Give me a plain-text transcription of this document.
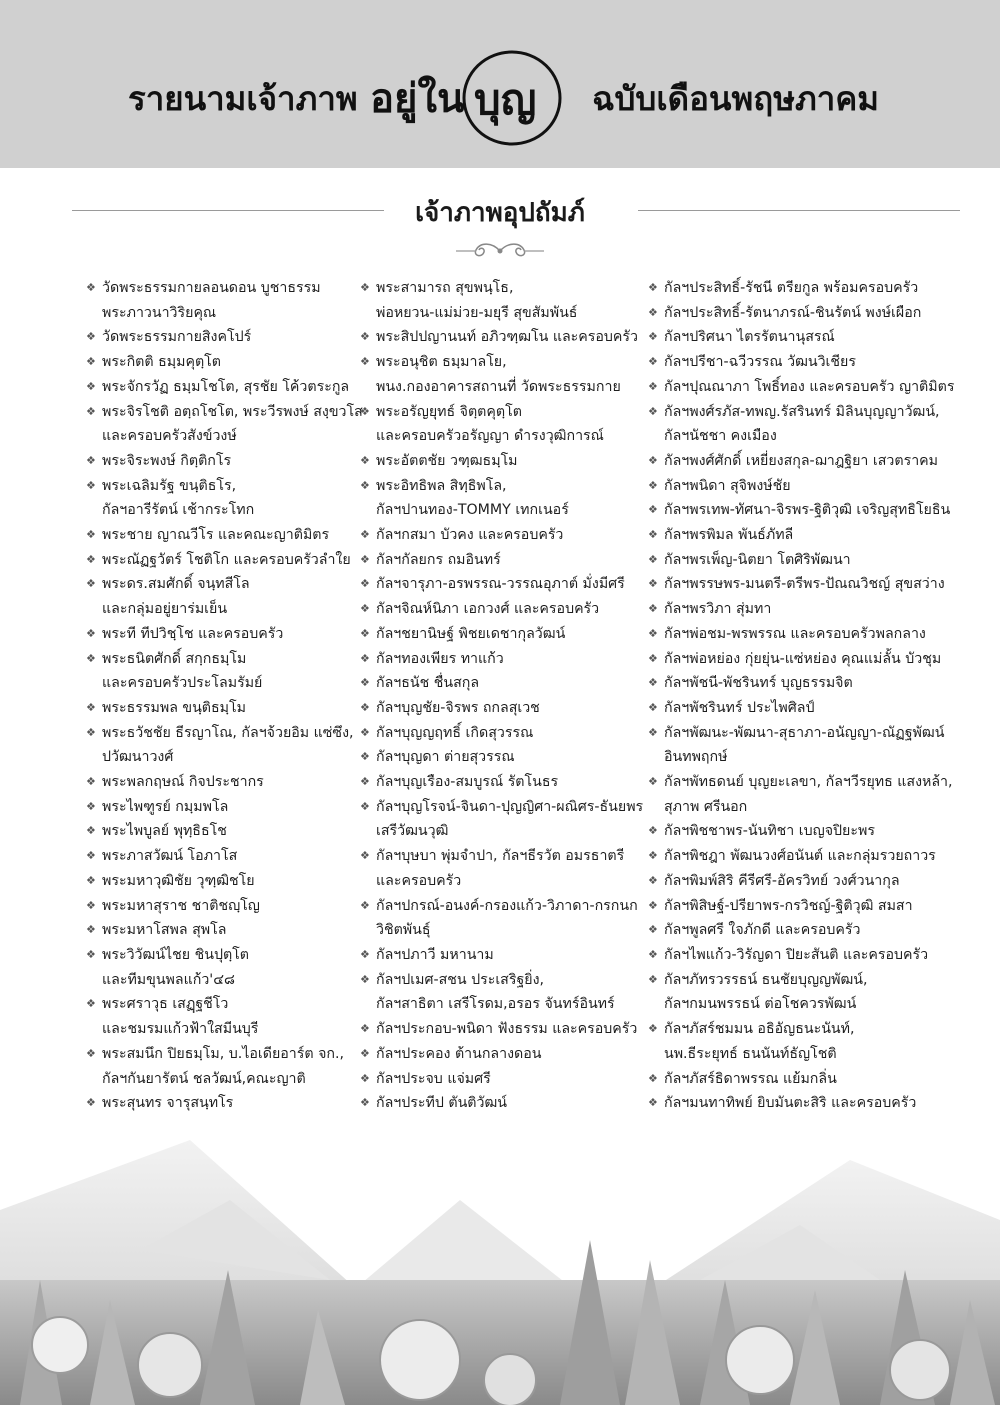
รายนามเจ้าภาพ อยู่ใน บุญ ฉบับเดือนพฤษภาคม
เจ้าภาพอุปถัมภ์
❖ วัดพระธรรมกายลอนดอน บูชาธรรม
พระภาวนาวิริยคุณ
❖ วัดพระธรรมกายสิงคโปร์
❖ พระกิตติ ธมฺมคุตฺโต
❖ พระจักรวัฏ ธมฺมโชโต, สุรชัย โค้วตระกูล
❖ พระจิรโชติ อตฺถโชโต, พระวีรพงษ์ สงฺขวโส
และครอบครัวสังข์วงษ์
❖ พระจิระพงษ์ กิตฺติกโร
❖ พระเฉลิมรัฐ ขนฺติธโร,
กัลฯอารีรัตน์ เช้ากระโทก
❖ พระชาย ญาณวีโร และคณะญาติมิตร
❖ พระณัฏฐวัตร์ โชติโก และครอบครัวลำใย
❖ พระดร.สมศักดิ์ จนฺทสีโล
และกลุ่มอยู่ยาร่มเย็น
❖ พระที ทีปวิชฺโช และครอบครัว
❖ พระธนิตศักดิ์ สกฺกธมฺโม
และครอบครัวประโลมรัมย์
❖ พระธรรมพล ขนฺติธมฺโม
❖ พระธวัชชัย ธีรญาโณ, กัลฯจ้วยอิม แซ่ซึง,
ปวัฒนาวงศ์
❖ พระพลกฤษณ์ กิจประชากร
❖ พระไพฑูรย์ กมฺมพโล
❖ พระไพบูลย์ พุทฺธิธโช
❖ พระภาสวัฒน์ โอภาโส
❖ พระมหาวุฒิชัย วุฑฺฒิชโย
❖ พระมหาสุราช ชาติชญฺโญ
❖ พระมหาโสพล สุพโล
❖ พระวิวัฒน์ไชย ชินปุตฺโต
และทีมขุนพลแก้ว'๔๘
❖ พระศราวุธ เสฏฺฐชีโว
และชมรมแก้วฟ้าใสมีนบุรี
❖ พระสมนึก ปิยธมฺโม, บ.ไอเดียอาร์ต จก.,
กัลฯกันยารัตน์ ชลวัฒน์,คณะญาติ
❖ พระสุนทร จารุสนฺทโร
❖ พระสามารถ สุขพนฺโธ,
พ่อหยวน-แม่ม่วย-มยุรี สุขสัมพันธ์
❖ พระสิปปญานนท์ อภิวฑฺฒโน และครอบครัว
❖ พระอนุชิต ธมฺมาลโย,
พนง.กองอาคารสถานที่ วัดพระธรรมกาย
❖ พระอรัญยุทธ์ จิตฺตคุตฺโต
และครอบครัวอรัญญา ดำรงวุฒิการณ์
❖ พระอัตตชัย วฑฺฒธมฺโม
❖ พระอิทธิพล สิทฺธิพโล,
กัลฯปานทอง-TOMMY เทกเนอร์
❖ กัลฯกสมา บัวคง และครอบครัว
❖ กัลฯกัลยกร ถมอินทร์
❖ กัลฯจารุภา-อรพรรณ-วรรณอุภาต์ มั่งมีศรี
❖ กัลฯจิณห์นิภา เอกวงศ์ และครอบครัว
❖ กัลฯชยานิษฐ์ พิชยเดชากุลวัฒน์
❖ กัลฯทองเพียร ทาแก้ว
❖ กัลฯธนัช ชื่นสกุล
❖ กัลฯบุญชัย-จิรพร ถกลสุเวช
❖ กัลฯบุญญฤทธิ์ เกิดสุวรรณ
❖ กัลฯบุญดา ต่ายสุวรรณ
❖ กัลฯบุญเรือง-สมบูรณ์ รัตโนธร
❖ กัลฯบุญโรจน์-จินดา-ปุญญิศา-ผณิศร-ธันยพร
เสรีวัฒนวุฒิ
❖ กัลฯบุษบา พุ่มจำปา, กัลฯธีรวัต อมรธาตรี
และครอบครัว
❖ กัลฯปกรณ์-อนงค์-กรองแก้ว-วิภาดา-กรกนก
วิชิตพันธุ์
❖ กัลฯปภาวี มหานาม
❖ กัลฯปเมศ-สชน ประเสริฐยิ่ง,
กัลฯสาธิตา เสรีโรดม,อรอร จันทร์อินทร์
❖ กัลฯประกอบ-พนิดา ฟังธรรม และครอบครัว
❖ กัลฯประคอง ต้านกลางดอน
❖ กัลฯประจบ แจ่มศรี
❖ กัลฯประทีป ตันติวัฒน์
❖ กัลฯประสิทธิ์-รัชนี ตรียกูล พร้อมครอบครัว
❖ กัลฯประสิทธิ์-รัตนาภรณ์-ชินรัตน์ พงษ์เผือก
❖ กัลฯปริศนา ไตรรัตนานุสรณ์
❖ กัลฯปรีชา-ฉวีวรรณ วัฒนวิเชียร
❖ กัลฯปุณณาภา โพธิ์ทอง และครอบครัว ญาติมิตร
❖ กัลฯพงศ์รภัส-ทพญ.รัสรินทร์ มิลินบุญญาวัฒน์,
กัลฯนัชชา คงเมือง
❖ กัลฯพงศ์ศักดิ์ เหยี่ยงสกุล-ฌาฎฐิยา เสวตราคม
❖ กัลฯพนิดา สุจิพงษ์ชัย
❖ กัลฯพรเทพ-ทัศนา-จิรพร-ฐิติวุฒิ เจริญสุทธิโยธิน
❖ กัลฯพรพิมล พันธ์ภัทลี
❖ กัลฯพรเพ็ญ-นิตยา โตศิริพัฒนา
❖ กัลฯพรรษพร-มนตรี-ตรีพร-ปัณณวิชญ์ สุขสว่าง
❖ กัลฯพรวิภา สุ่มทา
❖ กัลฯพ่อชม-พรพรรณ และครอบครัวพลกลาง
❖ กัลฯพ่อหย่อง กุ่ยยุ่น-แซ่หย่อง คุณแม่ลั้น บัวชุม
❖ กัลฯพัชนี-พัชรินทร์ บุญธรรมจิต
❖ กัลฯพัชรินทร์ ประไพศิลป์
❖ กัลฯพัฒนะ-พัฒนา-สุธาภา-อนัญญา-ณัฏฐพัฒน์
อินทพฤกษ์
❖ กัลฯพัทธดนย์ บุญยะเลขา, กัลฯวีรยุทธ แสงหล้า,
สุภาพ ศรีนอก
❖ กัลฯพิชชาพร-นันทิชา เบญจปิยะพร
❖ กัลฯพิชฎา พัฒนวงศ์อนันต์ และกลุ่มรวยถาวร
❖ กัลฯพิมพ์สิริ คีรีศรี-อัครวิทย์ วงศ์วนากุล
❖ กัลฯพิสิษฐ์-ปรียาพร-กรวิชญ์-ฐิติวุฒิ สมสา
❖ กัลฯพูลศรี ใจภักดี และครอบครัว
❖ กัลฯไพแก้ว-วิรัญดา ปิยะสันติ และครอบครัว
❖ กัลฯภัทรวรรธน์ ธนชัยบุญญพัฒน์,
กัลฯกมนพรรธน์ ต่อโชควรพัฒน์
❖ กัลฯภัสร์ชมมน อธิอัญธนะนันท์,
นพ.ธีระยุทธ์ ธนนันท์ธัญโชติ
❖ กัลฯภัสร์ธิดาพรรณ แย้มกลิ่น
❖ กัลฯมนทาทิพย์ ยิบมันตะสิริ และครอบครัว
